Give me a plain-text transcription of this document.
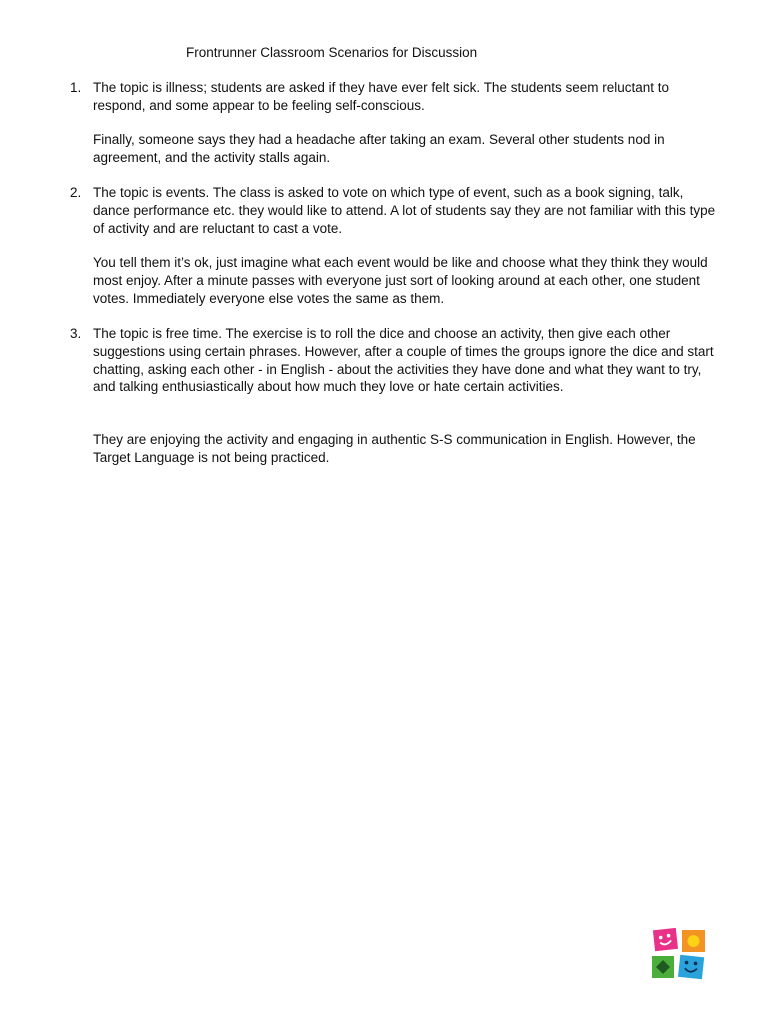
Frontrunner Classroom Scenarios for Discussion
1. The topic is illness; students are asked if they have ever felt sick. The students seem reluctant to respond, and some appear to be feeling self-conscious.

Finally, someone says they had a headache after taking an exam. Several other students nod in agreement, and the activity stalls again.

2. The topic is events. The class is asked to vote on which type of event, such as a book signing, talk, dance performance etc. they would like to attend. A lot of students say they are not familiar with this type of activity and are reluctant to cast a vote.

You tell them it’s ok, just imagine what each event would be like and choose what they think they would most enjoy. After a minute passes with everyone just sort of looking around at each other, one student votes. Immediately everyone else votes the same as them.

3. The topic is free time. The exercise is to roll the dice and choose an activity, then give each other suggestions using certain phrases. However, after a couple of times the groups ignore the dice and start chatting, asking each other - in English - about the activities they have done and what they want to try, and talking enthusiastically about how much they love or hate certain activities.

They are enjoying the activity and engaging in authentic S-S communication in English. However, the Target Language is not being practiced.
